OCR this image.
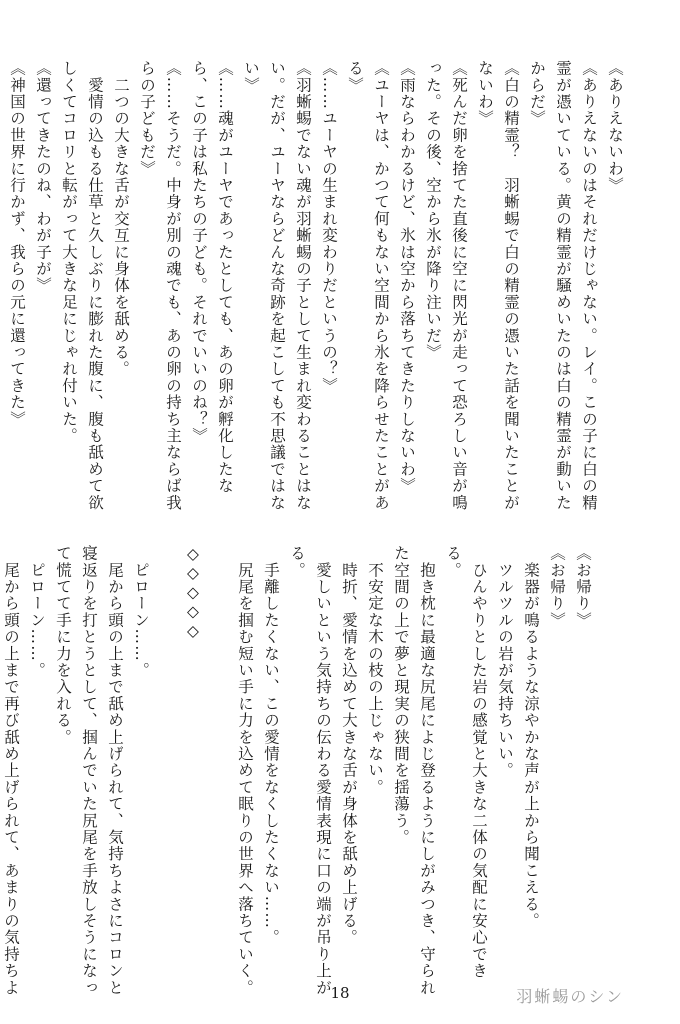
《ありえないわ》
《ありえないのはそれだけじゃない。レイ。この子に白の精
霊が憑いている。黄の精霊が騒めいたのは白の精霊が動いた
からだ》
《白の精霊？　羽蜥蜴で白の精霊の憑いた話を聞いたことが
ないわ》
《死んだ卵を捨てた直後に空に閃光が走って恐ろしい音が鳴
った。その後、空から氷が降り注いだ》
《雨ならわかるけど、氷は空から落ちてきたりしないわ》
《ユーヤは、かつて何もない空間から氷を降らせたことがあ
る》
《……ユーヤの生まれ変わりだというの？》
《羽蜥蜴でない魂が羽蜥蜴の子として生まれ変わることはな
い。だが、ユーヤならどんな奇跡を起こしても不思議ではな
い》
《……魂がユーヤであったとしても、あの卵が孵化したな
ら、この子は私たちの子ども。それでいいのね？》
《……そうだ。中身が別の魂でも、あの卵の持ち主ならば我
らの子どもだ》
　二つの大きな舌が交互に身体を舐める。
　愛情の込もる仕草と久しぶりに膨れた腹に、腹も舐めて欲
しくてコロリと転がって大きな足にじゃれ付いた。
《還ってきたのね、わが子が》
《神国の世界に行かず、我らの元に還ってきた》
《お帰り》
《お帰り》
　楽器が鳴るような涼やかな声が上から聞こえる。
　ツルツルの岩が気持ちいい。
　ひんやりとした岩の感覚と大きな二体の気配に安心でき
る。
　抱き枕に最適な尻尾によじ登るようにしがみつき、守られ
た空間の上で夢と現実の狭間を揺蕩う。
　不安定な木の枝の上じゃない。
　時折、愛情を込めて大きな舌が身体を舐め上げる。
　愛しいという気持ちの伝わる愛情表現に口の端が吊り上が
る。
　手離したくない、この愛情をなくしたくない……。
　尻尾を掴む短い手に力を込めて眠りの世界へ落ちていく。
◇◇◇◇◇
　ピローン……。
　尾から頭の上まで舐め上げられて、気持ちよさにコロンと
寝返りを打とうとして、掴んでいた尻尾を手放しそうになっ
て慌てて手に力を入れる。
　ピローン……。
　尾から頭の上まで再び舐め上げられて、あまりの気持ちよ	18	羽蜥蜴のシン
